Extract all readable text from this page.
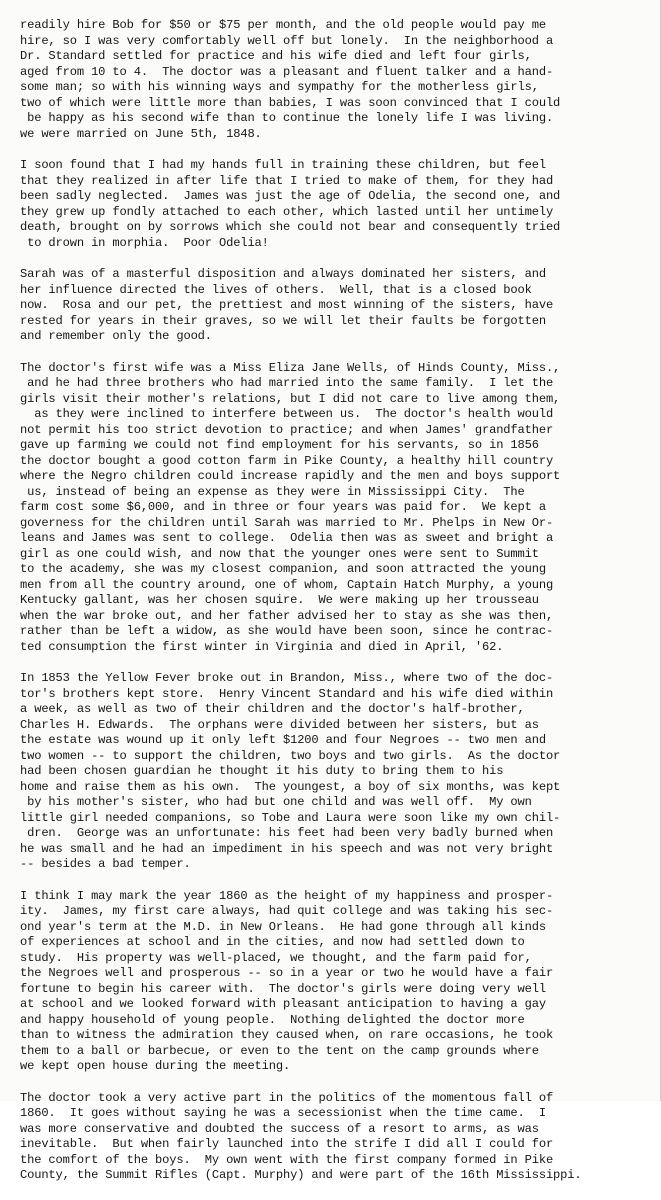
readily hire Bob for $50 or $75 per month, and the old people would pay me
hire, so I was very comfortably well off but lonely.  In the neighborhood a
Dr. Standard settled for practice and his wife died and left four girls,
aged from 10 to 4.  The doctor was a pleasant and fluent talker and a hand-
some man; so with his winning ways and sympathy for the motherless girls,
two of which were little more than babies, I was soon convinced that I could
be happy as his second wife than to continue the lonely life I was living.
we were married on June 5th, 1848.
I soon found that I had my hands full in training these children, but feel
that they realized in after life that I tried to make of them, for they had
been sadly neglected.  James was just the age of Odelia, the second one, and
they grew up fondly attached to each other, which lasted until her untimely
death, brought on by sorrows which she could not bear and consequently tried
to drown in morphia.  Poor Odelia!
Sarah was of a masterful disposition and always dominated her sisters, and
her influence directed the lives of others.  Well, that is a closed book
now.  Rosa and our pet, the prettiest and most winning of the sisters, have
rested for years in their graves, so we will let their faults be forgotten
and remember only the good.
The doctor's first wife was a Miss Eliza Jane Wells, of Hinds County, Miss.,
and he had three brothers who had married into the same family.  I let the
girls visit their mother's relations, but I did not care to live among them,
as they were inclined to interfere between us.  The doctor's health would
not permit his too strict devotion to practice; and when James' grandfather
gave up farming we could not find employment for his servants, so in 1856
the doctor bought a good cotton farm in Pike County, a healthy hill country
where the Negro children could increase rapidly and the men and boys support
us, instead of being an expense as they were in Mississippi City.  The
farm cost some $6,000, and in three or four years was paid for.  We kept a
governess for the children until Sarah was married to Mr. Phelps in New Or-
leans and James was sent to college.  Odelia then was as sweet and bright a
girl as one could wish, and now that the younger ones were sent to Summit
to the academy, she was my closest companion, and soon attracted the young
men from all the country around, one of whom, Captain Hatch Murphy, a young
Kentucky gallant, was her chosen squire.  We were making up her trousseau
when the war broke out, and her father advised her to stay as she was then,
rather than be left a widow, as she would have been soon, since he contrac-
ted consumption the first winter in Virginia and died in April, '62.
In 1853 the Yellow Fever broke out in Brandon, Miss., where two of the doc-
tor's brothers kept store.  Henry Vincent Standard and his wife died within
a week, as well as two of their children and the doctor's half-brother,
Charles H. Edwards.  The orphans were divided between her sisters, but as
the estate was wound up it only left $1200 and four Negroes -- two men and
two women -- to support the children, two boys and two girls.  As the doctor
had been chosen guardian he thought it his duty to bring them to his
home and raise them as his own.  The youngest, a boy of six months, was kept
by his mother's sister, who had but one child and was well off.  My own
little girl needed companions, so Tobe and Laura were soon like my own chil-
dren.  George was an unfortunate: his feet had been very badly burned when
he was small and he had an impediment in his speech and was not very bright
-- besides a bad temper.
I think I may mark the year 1860 as the height of my happiness and prosper-
ity.  James, my first care always, had quit college and was taking his sec-
ond year's term at the M.D. in New Orleans.  He had gone through all kinds
of experiences at school and in the cities, and now had settled down to
study.  His property was well-placed, we thought, and the farm paid for,
the Negroes well and prosperous -- so in a year or two he would have a fair
fortune to begin his career with.  The doctor's girls were doing very well
at school and we looked forward with pleasant anticipation to having a gay
and happy household of young people.  Nothing delighted the doctor more
than to witness the admiration they caused when, on rare occasions, he took
them to a ball or barbecue, or even to the tent on the camp grounds where
we kept open house during the meeting.
The doctor took a very active part in the politics of the momentous fall of
1860.  It goes without saying he was a secessionist when the time came.  I
was more conservative and doubted the success of a resort to arms, as was
inevitable.  But when fairly launched into the strife I did all I could for
the comfort of the boys.  My own went with the first company formed in Pike
County, the Summit Rifles (Capt. Murphy) and were part of the 16th Mississippi.
